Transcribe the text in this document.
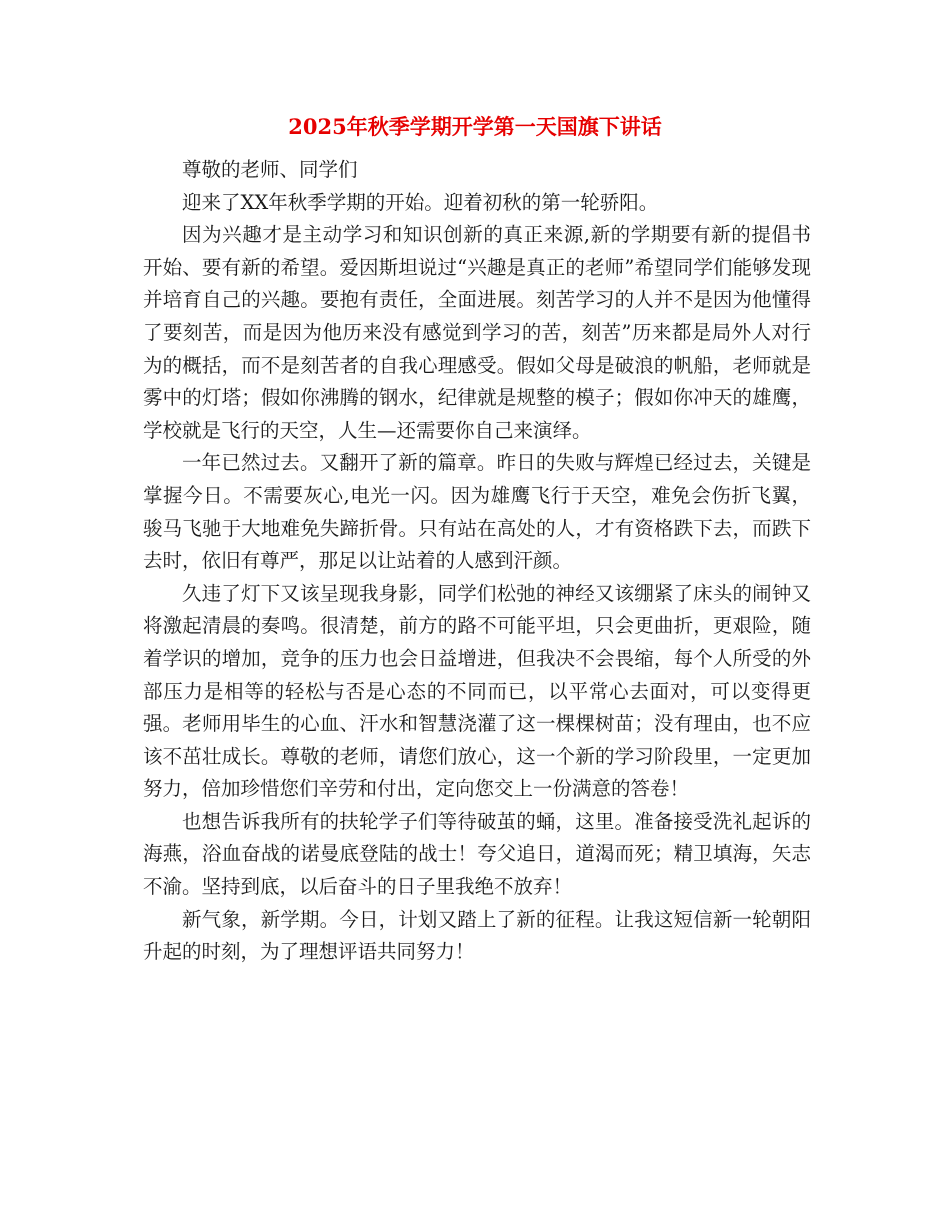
2025年秋季学期开学第一天国旗下讲话

尊敬的老师、同学们

迎来了XX年秋季学期的开始。迎着初秋的第一轮骄阳。

因为兴趣才是主动学习和知识创新的真正来源,新的学期要有新的提倡书开始、要有新的希望。爱因斯坦说过“兴趣是真正的老师”希望同学们能够发现并培育自己的兴趣。要抱有责任，全面进展。刻苦学习的人并不是因为他懂得了要刻苦，而是因为他历来没有感觉到学习的苦，刻苦”历来都是局外人对行为的概括，而不是刻苦者的自我心理感受。假如父母是破浪的帆船，老师就是雾中的灯塔；假如你沸腾的钢水，纪律就是规整的模子；假如你冲天的雄鹰，学校就是飞行的天空，人生—还需要你自己来演绎。

一年已然过去。又翻开了新的篇章。昨日的失败与辉煌已经过去，关键是掌握今日。不需要灰心,电光一闪。因为雄鹰飞行于天空，难免会伤折飞翼，骏马飞驰于大地难免失蹄折骨。只有站在高处的人，才有资格跌下去，而跌下去时，依旧有尊严，那足以让站着的人感到汗颜。

久违了灯下又该呈现我身影，同学们松弛的神经又该绷紧了床头的闹钟又将激起清晨的奏鸣。很清楚，前方的路不可能平坦，只会更曲折，更艰险，随着学识的增加，竞争的压力也会日益增进，但我决不会畏缩，每个人所受的外部压力是相等的轻松与否是心态的不同而已，以平常心去面对，可以变得更强。老师用毕生的心血、汗水和智慧浇灌了这一棵棵树苗；没有理由，也不应该不茁壮成长。尊敬的老师，请您们放心，这一个新的学习阶段里，一定更加努力，倍加珍惜您们辛劳和付出，定向您交上一份满意的答卷！

也想告诉我所有的扶轮学子们等待破茧的蛹，这里。准备接受洗礼起诉的海燕，浴血奋战的诺曼底登陆的战士！夸父追日，道渴而死；精卫填海，矢志不渝。坚持到底，以后奋斗的日子里我绝不放弃！

新气象，新学期。今日，计划又踏上了新的征程。让我这短信新一轮朝阳升起的时刻，为了理想评语共同努力！
